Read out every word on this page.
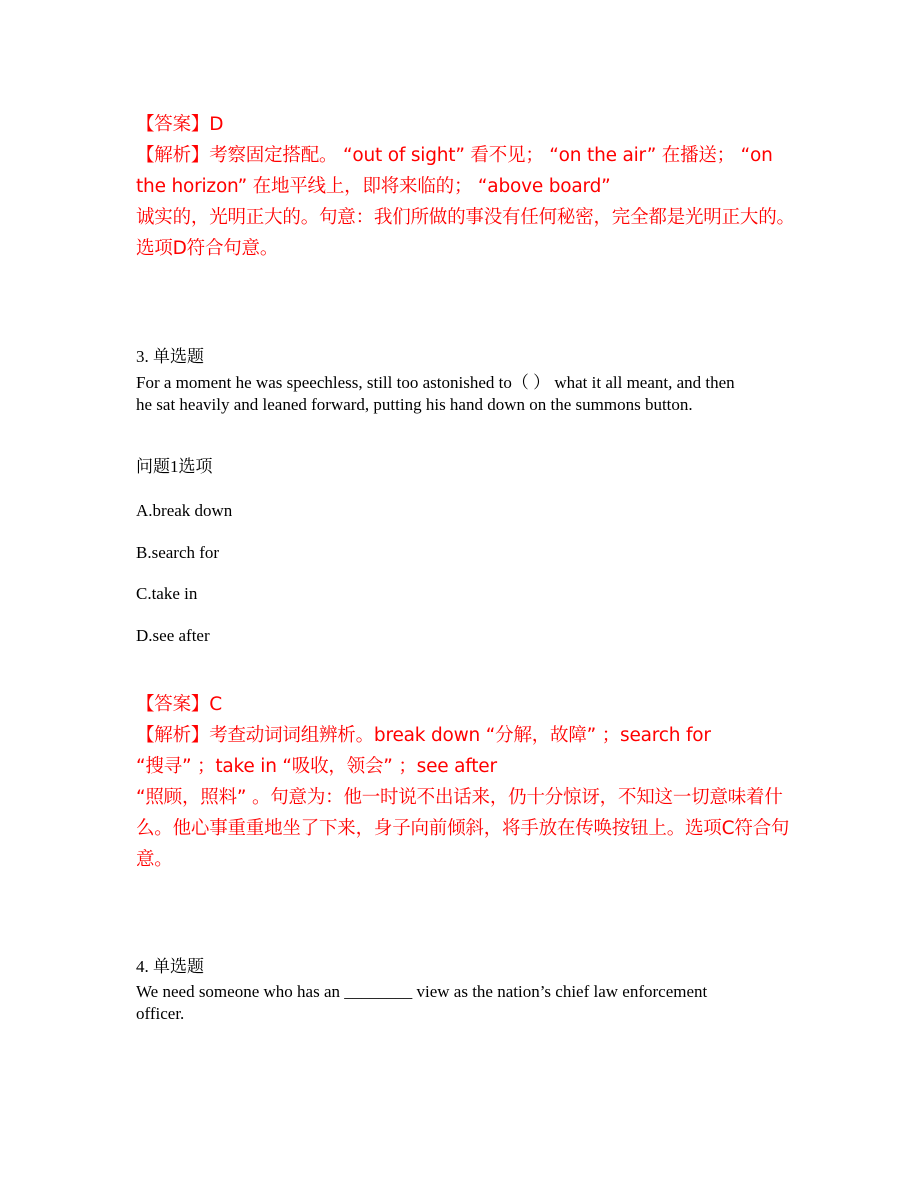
【答案】D
【解析】考察固定搭配。 “out of sight” 看不见； “on the air” 在播送； “on
the horizon” 在地平线上，即将来临的； “above board”
诚实的，光明正大的。句意：我们所做的事没有任何秘密，完全都是光明正大的。
选项D符合句意。
3. 单选题
For a moment he was speechless, still too astonished to（ ） what it all meant, and then
he sat heavily and leaned forward, putting his hand down on the summons button.
问题1选项
A.break down
B.search for
C.take in
D.see after
【答案】C
【解析】考查动词词组辨析。break down “分解，故障” ；search for
“搜寻” ；take in “吸收，领会” ；see after
“照顾，照料” 。句意为：他一时说不出话来，仍十分惊讶，不知这一切意味着什
么。他心事重重地坐了下来，身子向前倾斜，将手放在传唤按钮上。选项C符合句
意。
4. 单选题
We need someone who has an ________ view as the nation’s chief law enforcement
officer.
